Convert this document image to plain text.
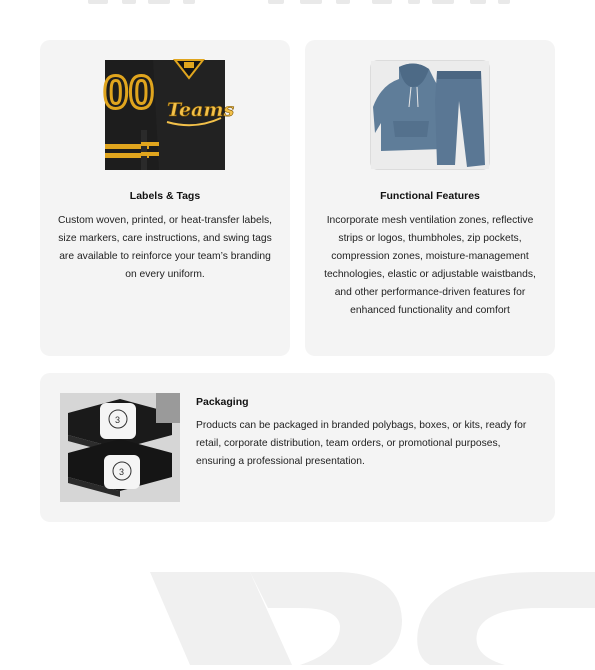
00 Teams
Labels & Tags
Custom woven, printed, or heat-transfer labels, size markers, care instructions, and swing tags are available to reinforce your team’s branding on every uniform.
Functional Features
Incorporate mesh ventilation zones, reflective strips or logos, thumbholes, zip pockets, compression zones, moisture-management technologies, elastic or adjustable waistbands, and other performance-driven features for enhanced functionality and comfort
3
3
Packaging
Products can be packaged in branded polybags, boxes, or kits, ready for retail, corporate distribution, team orders, or promotional purposes, ensuring a professional presentation.
